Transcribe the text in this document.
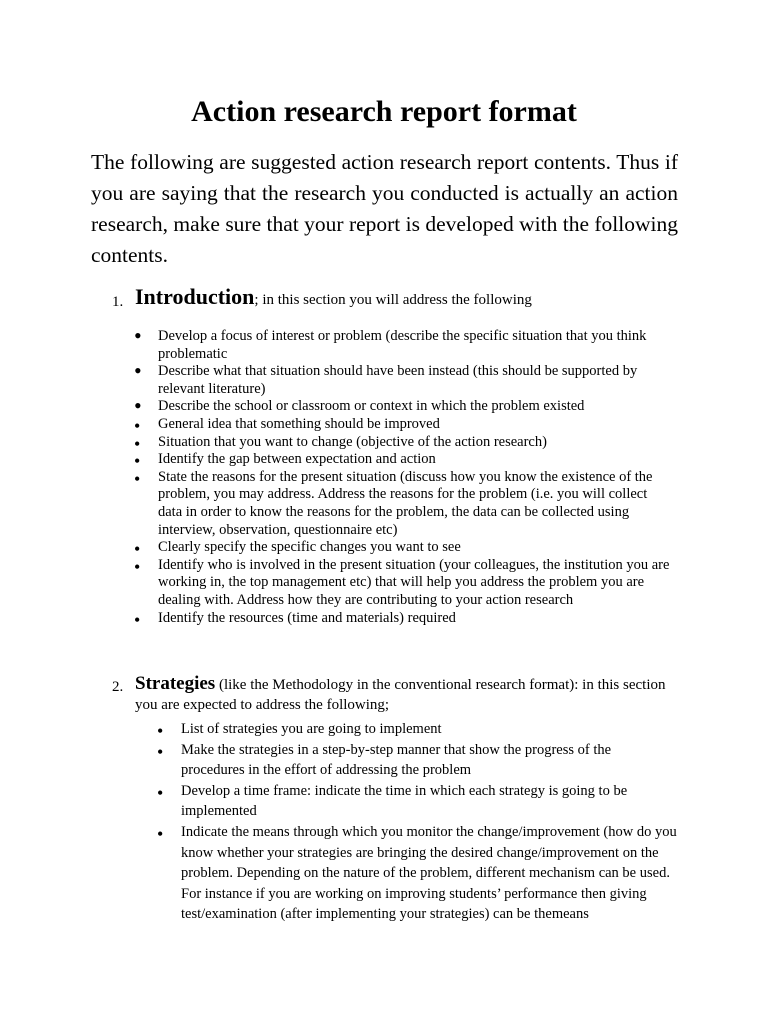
Action research report format
The following are suggested action research report contents. Thus if you are saying that the research you conducted is actually an action research, make sure that your report is developed with the following contents.
1. Introduction; in this section you will address the following
• Develop a focus of interest or problem (describe the specific situation that you think problematic
• Describe what that situation should have been instead (this should be supported by relevant literature)
• Describe the school or classroom or context in which the problem existed
• General idea that something should be improved
• Situation that you want to change (objective of the action research)
• Identify the gap between expectation and action
• State the reasons for the present situation (discuss how you know the existence of the problem, you may address. Address the reasons for the problem (i.e. you will collect data in order to know the reasons for the problem, the data can be collected using interview, observation, questionnaire etc)
• Clearly specify the specific changes you want to see
• Identify who is involved in the present situation (your colleagues, the institution you are working in, the top management etc) that will help you address the problem you are dealing with. Address how they are contributing to your action research
• Identify the resources (time and materials) required
2. Strategies (like the Methodology in the conventional research format): in this section you are expected to address the following;
• List of strategies you are going to implement
• Make the strategies in a step-by-step manner that show the progress of the procedures in the effort of addressing the problem
• Develop a time frame: indicate the time in which each strategy is going to be implemented
• Indicate the means through which you monitor the change/improvement (how do you know whether your strategies are bringing the desired change/improvement on the problem. Depending on the nature of the problem, different mechanism can be used. For instance if you are working on improving students’ performance then giving test/examination (after implementing your strategies) can be themeans
